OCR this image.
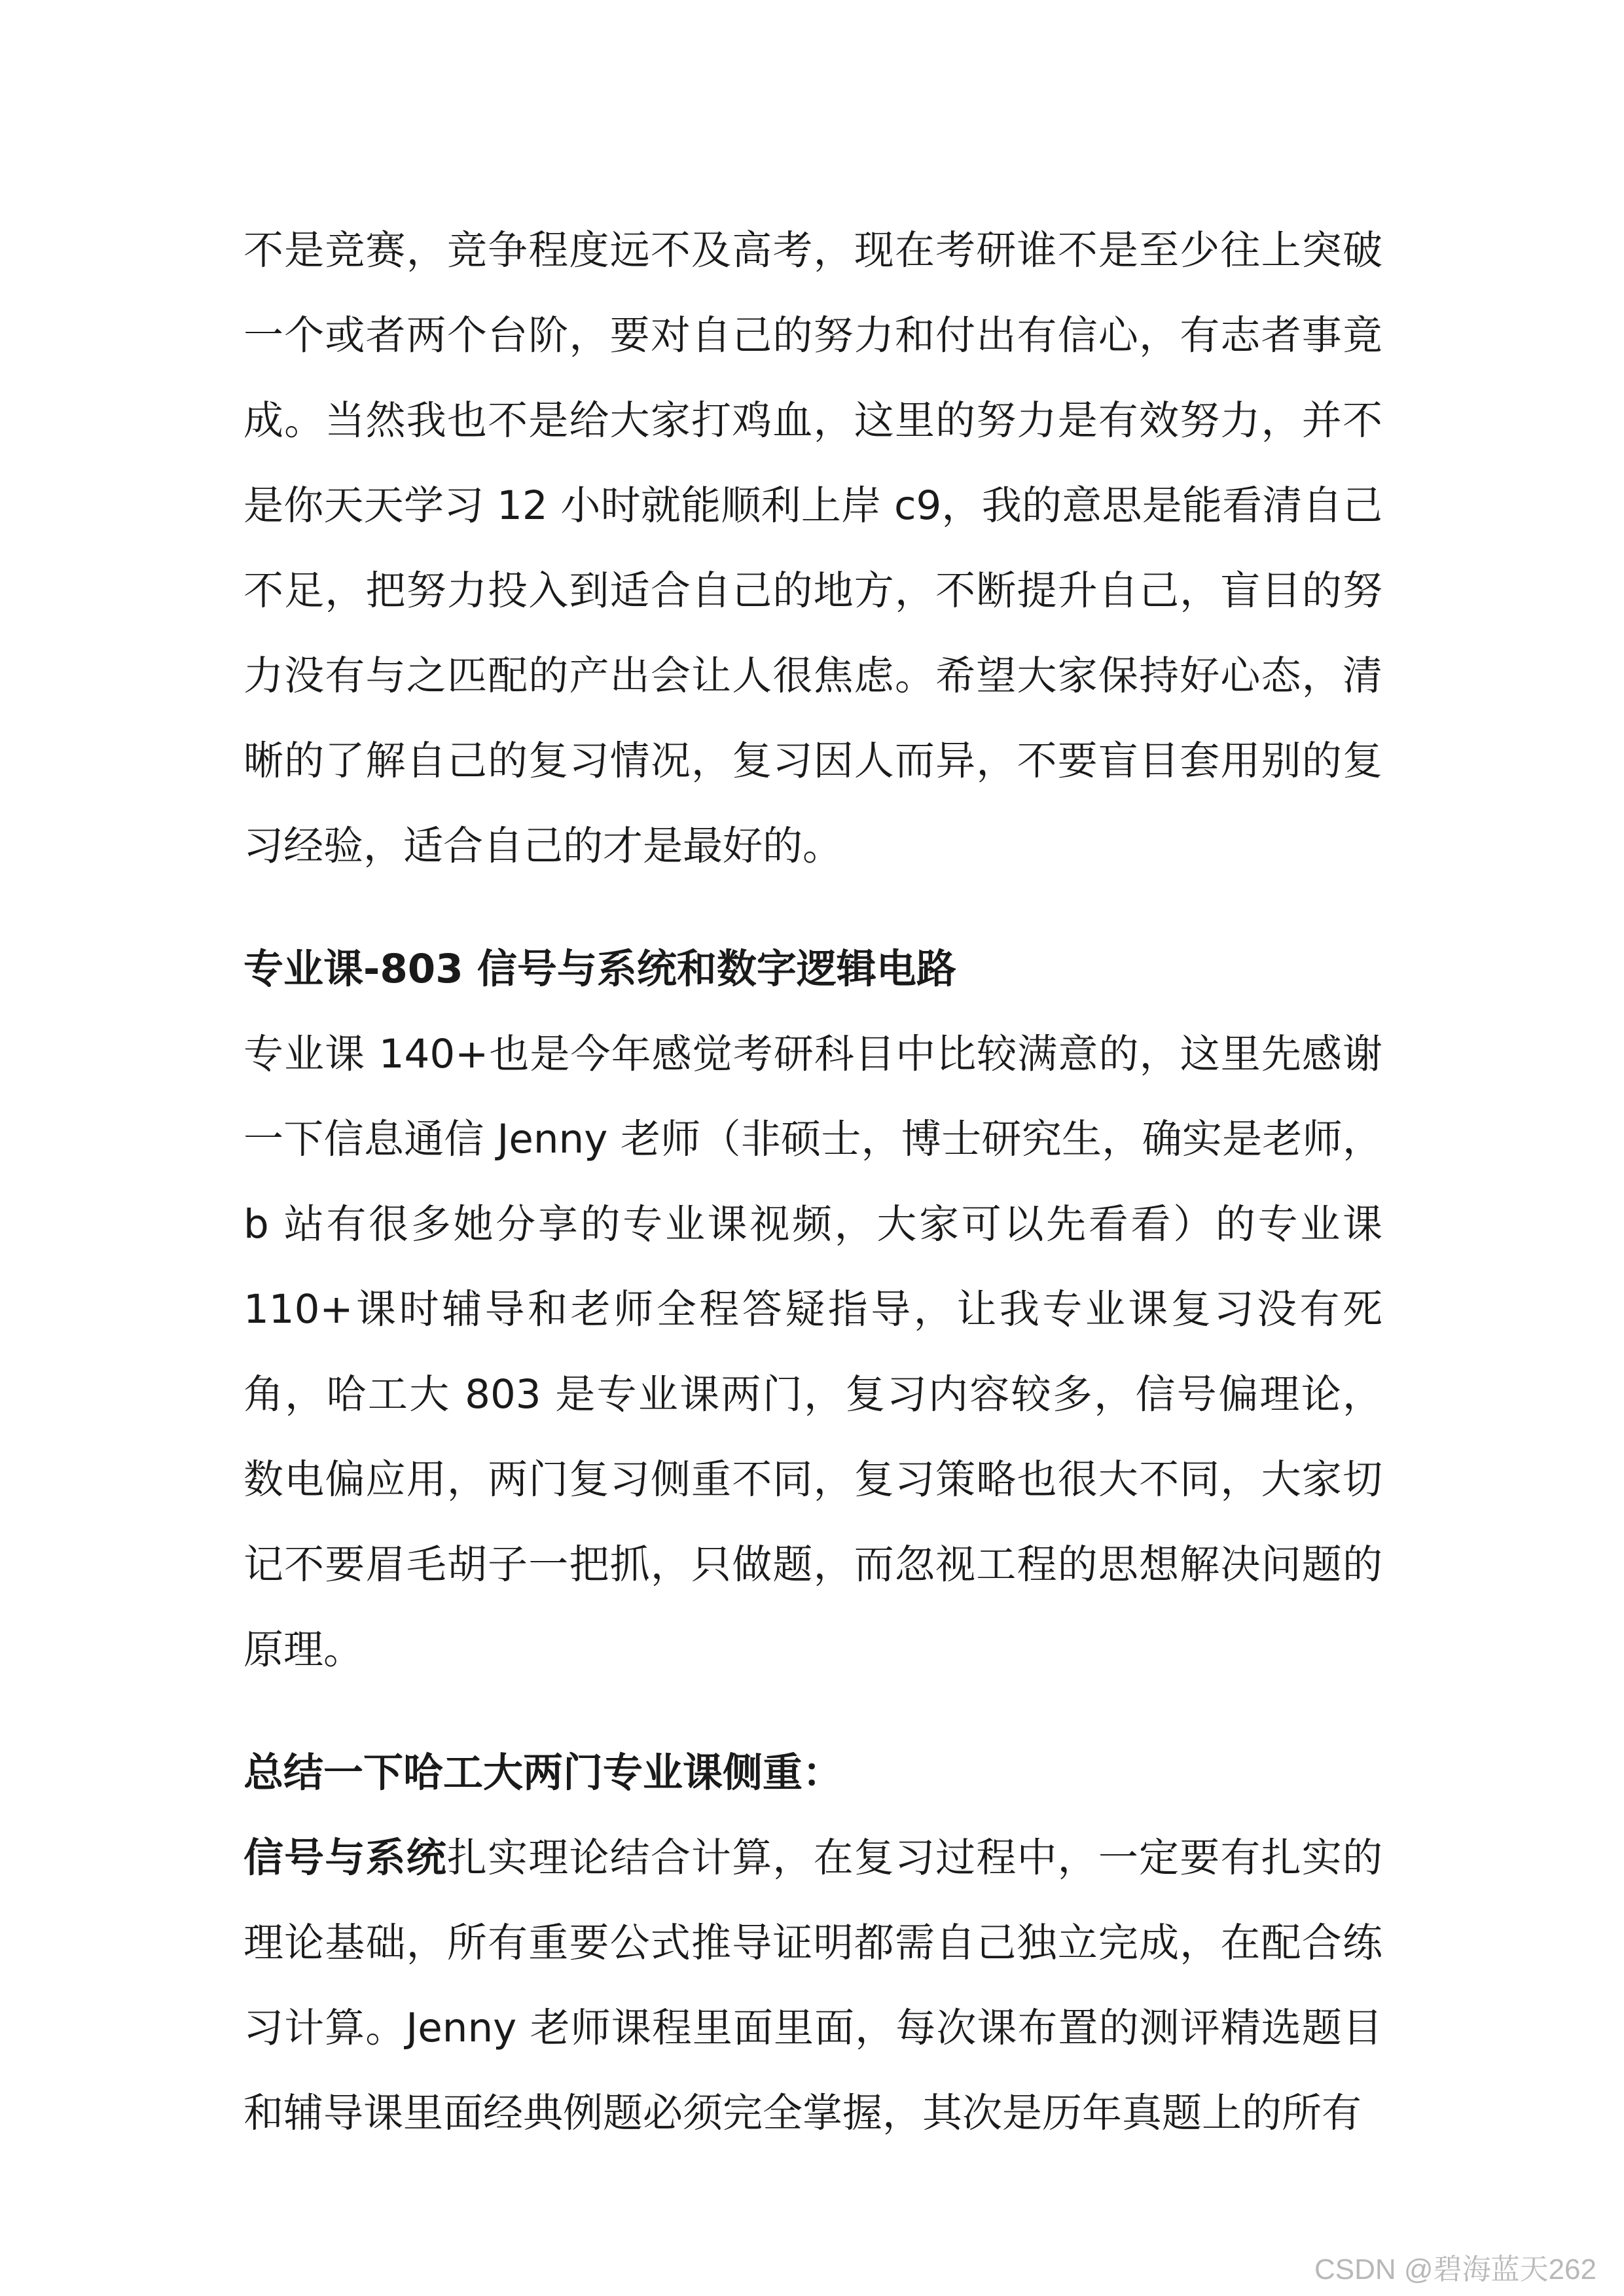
不是竞赛，竞争程度远不及高考，现在考研谁不是至少往上突破一个或者两个台阶，要对自己的努力和付出有信心，有志者事竟成。当然我也不是给大家打鸡血，这里的努力是有效努力，并不是你天天学习 12 小时就能顺利上岸 c9，我的意思是能看清自己不足，把努力投入到适合自己的地方，不断提升自己，盲目的努力没有与之匹配的产出会让人很焦虑。希望大家保持好心态，清晰的了解自己的复习情况，复习因人而异，不要盲目套用别的复习经验，适合自己的才是最好的。

专业课-803 信号与系统和数字逻辑电路

专业课 140+也是今年感觉考研科目中比较满意的，这里先感谢一下信息通信 Jenny 老师（非硕士，博士研究生，确实是老师，b 站有很多她分享的专业课视频，大家可以先看看）的专业课 110+课时辅导和老师全程答疑指导，让我专业课复习没有死角，哈工大 803 是专业课两门，复习内容较多，信号偏理论，数电偏应用，两门复习侧重不同，复习策略也很大不同，大家切记不要眉毛胡子一把抓，只做题，而忽视工程的思想解决问题的原理。

总结一下哈工大两门专业课侧重：

信号与系统扎实理论结合计算，在复习过程中，一定要有扎实的理论基础，所有重要公式推导证明都需自己独立完成，在配合练习计算。Jenny 老师课程里面里面，每次课布置的测评精选题目和辅导课里面经典例题必须完全掌握，其次是历年真题上的所有

CSDN @碧海蓝天262
